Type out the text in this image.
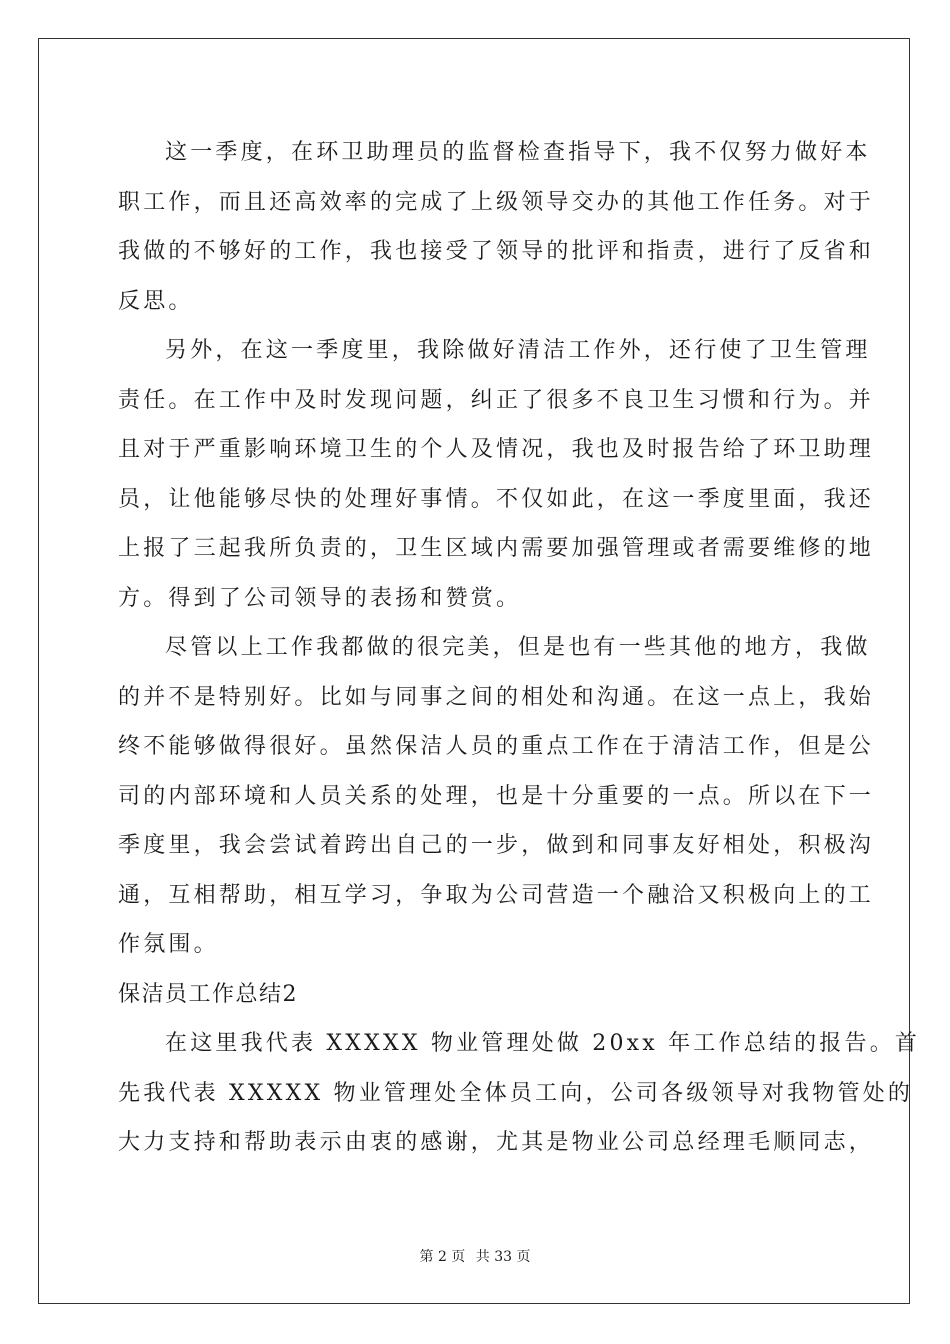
这一季度，在环卫助理员的监督检查指导下，我不仅努力做好本
职工作，而且还高效率的完成了上级领导交办的其他工作任务。对于
我做的不够好的工作，我也接受了领导的批评和指责，进行了反省和
反思。
另外，在这一季度里，我除做好清洁工作外，还行使了卫生管理
责任。在工作中及时发现问题，纠正了很多不良卫生习惯和行为。并
且对于严重影响环境卫生的个人及情况，我也及时报告给了环卫助理
员，让他能够尽快的处理好事情。不仅如此，在这一季度里面，我还
上报了三起我所负责的，卫生区域内需要加强管理或者需要维修的地
方。得到了公司领导的表扬和赞赏。
尽管以上工作我都做的很完美，但是也有一些其他的地方，我做
的并不是特别好。比如与同事之间的相处和沟通。在这一点上，我始
终不能够做得很好。虽然保洁人员的重点工作在于清洁工作，但是公
司的内部环境和人员关系的处理，也是十分重要的一点。所以在下一
季度里，我会尝试着跨出自己的一步，做到和同事友好相处，积极沟
通，互相帮助，相互学习，争取为公司营造一个融洽又积极向上的工
作氛围。
保洁员工作总结2
在这里我代表 XXXXX 物业管理处做 20xx 年工作总结的报告。首
先我代表 XXXXX 物业管理处全体员工向，公司各级领导对我物管处的
大力支持和帮助表示由衷的感谢，尤其是物业公司总经理毛顺同志，
第 2 页 共 33 页
